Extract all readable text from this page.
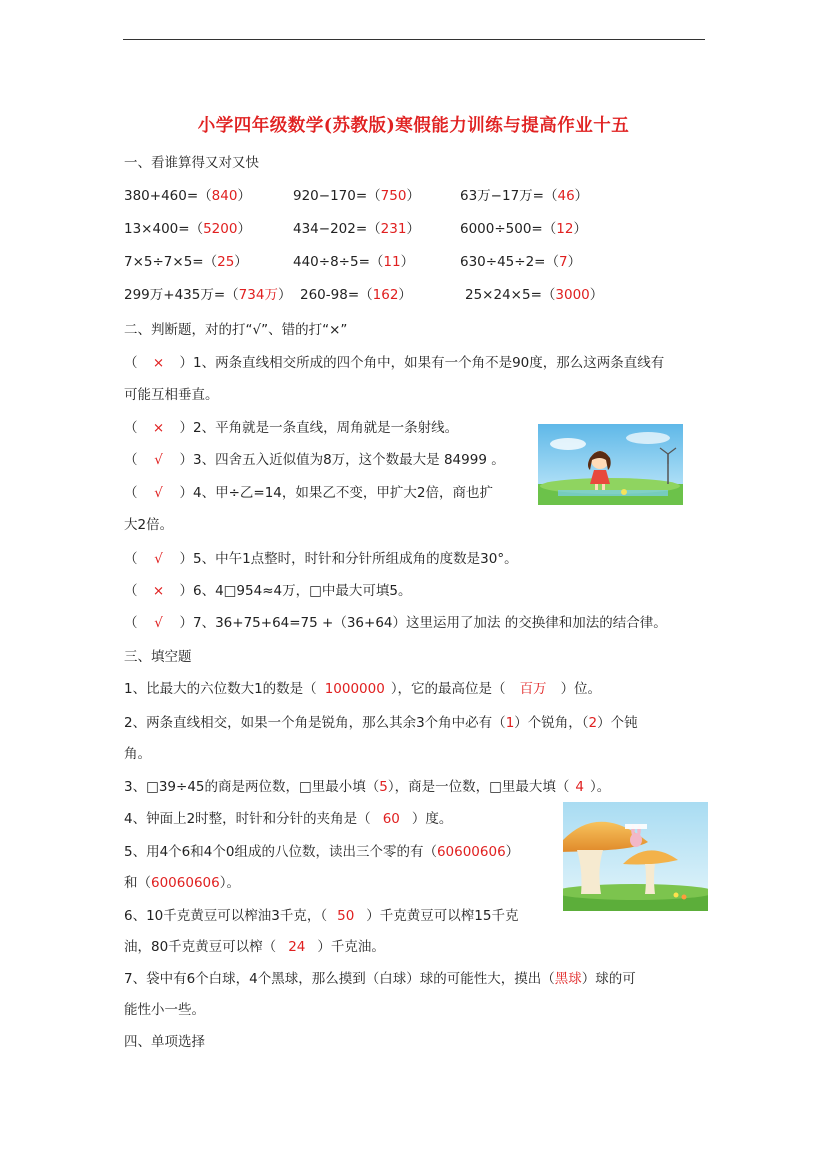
小学四年级数学(苏教版)寒假能力训练与提高作业十五
一、看谁算得又对又快
380+460=（840）	920−170=（750）	63万−17万=（46）
13×400=（5200）	434−202=（231）	6000÷500=（12）
7×5÷7×5=（25）	440÷8÷5=（11）	630÷45÷2=（7）
299万+435万=（734万） 260-98=（162）	25×24×5=（3000）
二、判断题，对的打“√”、错的打“×”
（ × ）1、两条直线相交所成的四个角中，如果有一个角不是90度，那么这两条直线有
可能互相垂直。
（ × ）2、平角就是一条直线，周角就是一条射线。
（ √ ）3、四舍五入近似值为8万，这个数最大是 84999 。
（ √ ）4、甲÷乙=14，如果乙不变，甲扩大2倍，商也扩
大2倍。
（ √ ）5、中午1点整时，时针和分针所组成角的度数是30°。
（ × ）6、4□954≈4万，□中最大可填5。
（ √ ）7、36+75+64=75 +（36+64）这里运用了加法 的交换律和加法的结合律。
三、填空题
1、比最大的六位数大1的数是（ 1000000 ），它的最高位是（ 百万 ）位。
2、两条直线相交，如果一个角是锐角，那么其余3个角中必有（1）个锐角，（2）个钝
角。
3、□39÷45的商是两位数，□里最小填（5），商是一位数，□里最大填（ 4 ）。
4、钟面上2时整，时针和分针的夹角是（ 60 ）度。
5、用4个6和4个0组成的八位数，读出三个零的有（60600606）
和（60060606）。
6、10千克黄豆可以榨油3千克，（ 50 ）千克黄豆可以榨15千克
油，80千克黄豆可以榨（ 24 ）千克油。
7、袋中有6个白球，4个黑球，那么摸到（白球）球的可能性大，摸出（黑球）球的可
能性小一些。
四、单项选择
